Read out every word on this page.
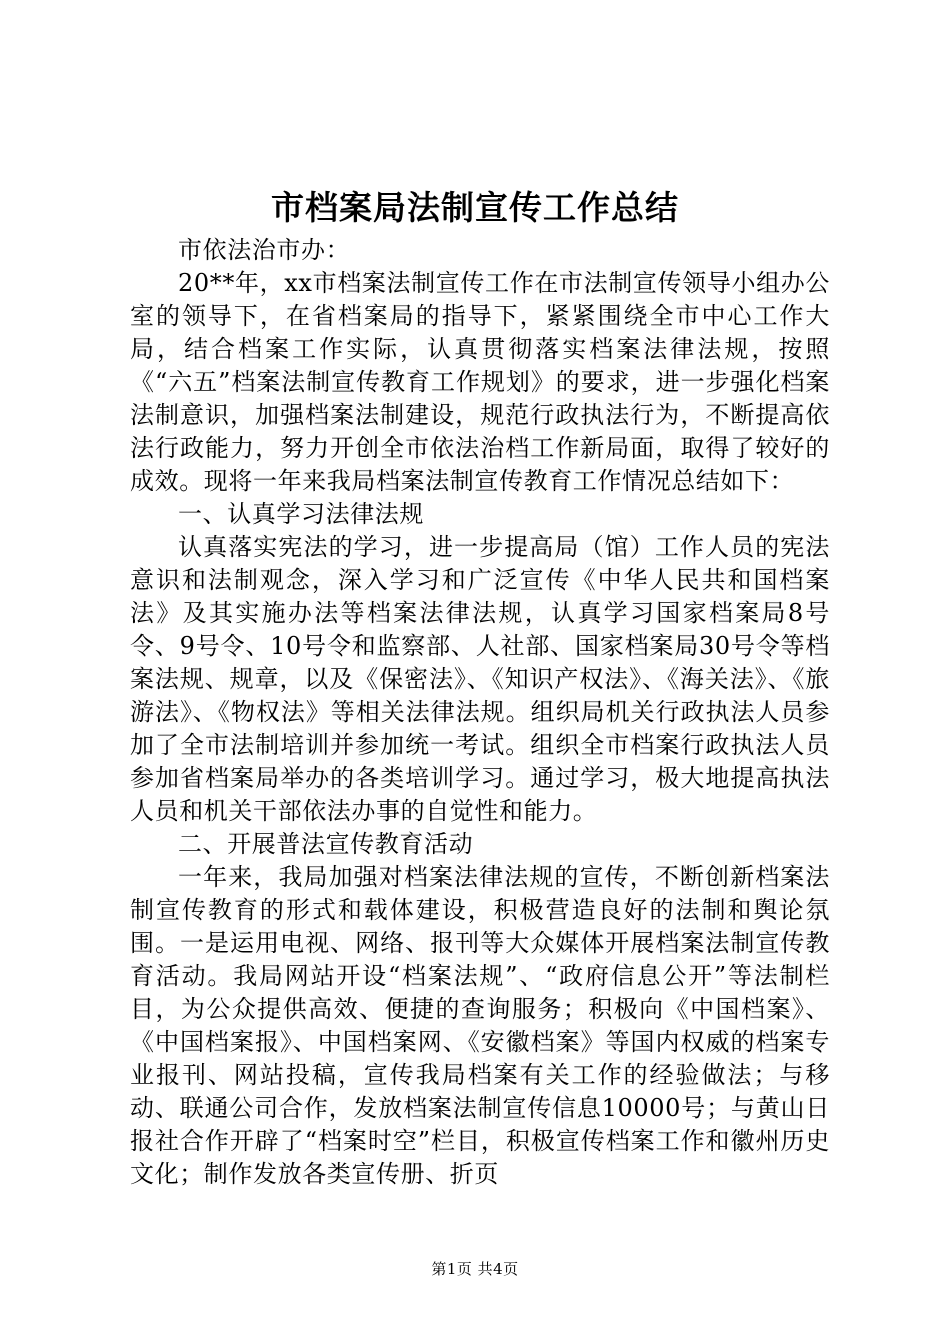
市档案局法制宣传工作总结

市依法治市办：

20**年，xx市档案法制宣传工作在市法制宣传领导小组办公室的领导下，在省档案局的指导下，紧紧围绕全市中心工作大局，结合档案工作实际，认真贯彻落实档案法律法规，按照《“六五”档案法制宣传教育工作规划》的要求，进一步强化档案法制意识，加强档案法制建设，规范行政执法行为，不断提高依法行政能力，努力开创全市依法治档工作新局面，取得了较好的成效。现将一年来我局档案法制宣传教育工作情况总结如下：

一、认真学习法律法规

认真落实宪法的学习，进一步提高局（馆）工作人员的宪法意识和法制观念，深入学习和广泛宣传《中华人民共和国档案法》及其实施办法等档案法律法规，认真学习国家档案局8号令、9号令、10号令和监察部、人社部、国家档案局30号令等档案法规、规章，以及《保密法》、《知识产权法》、《海关法》、《旅游法》、《物权法》等相关法律法规。组织局机关行政执法人员参加了全市法制培训并参加统一考试。组织全市档案行政执法人员参加省档案局举办的各类培训学习。通过学习，极大地提高执法人员和机关干部依法办事的自觉性和能力。

二、开展普法宣传教育活动

一年来，我局加强对档案法律法规的宣传，不断创新档案法制宣传教育的形式和载体建设，积极营造良好的法制和舆论氛围。一是运用电视、网络、报刊等大众媒体开展档案法制宣传教育活动。我局网站开设“档案法规”、“政府信息公开”等法制栏目，为公众提供高效、便捷的查询服务；积极向《中国档案》、《中国档案报》、中国档案网、《安徽档案》等国内权威的档案专业报刊、网站投稿，宣传我局档案有关工作的经验做法；与移动、联通公司合作，发放档案法制宣传信息10000号；与黄山日报社合作开辟了“档案时空”栏目，积极宣传档案工作和徽州历史文化；制作发放各类宣传册、折页

第1页 共4页
